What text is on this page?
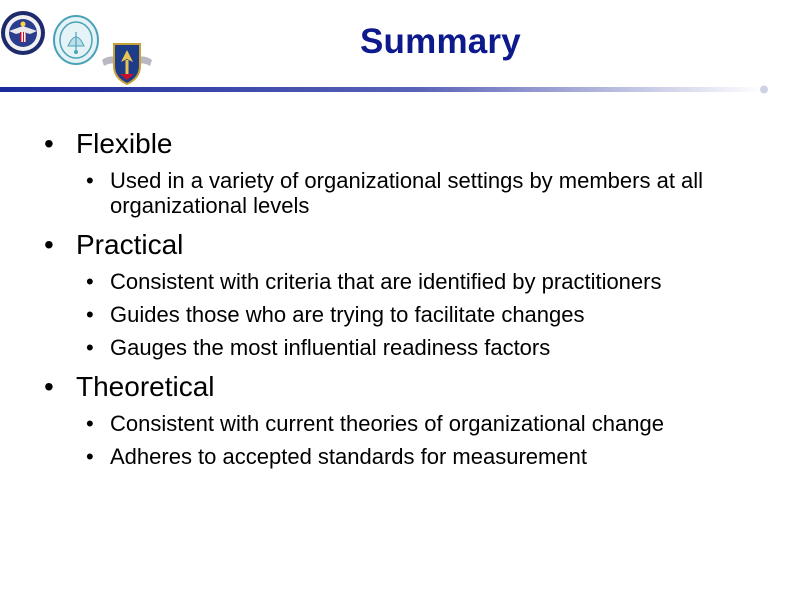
Summary
• Flexible
• Used in a variety of organizational settings by members at all organizational levels
• Practical
• Consistent with criteria that are identified by practitioners
• Guides those who are trying to facilitate changes
• Gauges the most influential readiness factors
• Theoretical
• Consistent with current theories of organizational change
• Adheres to accepted standards for measurement
